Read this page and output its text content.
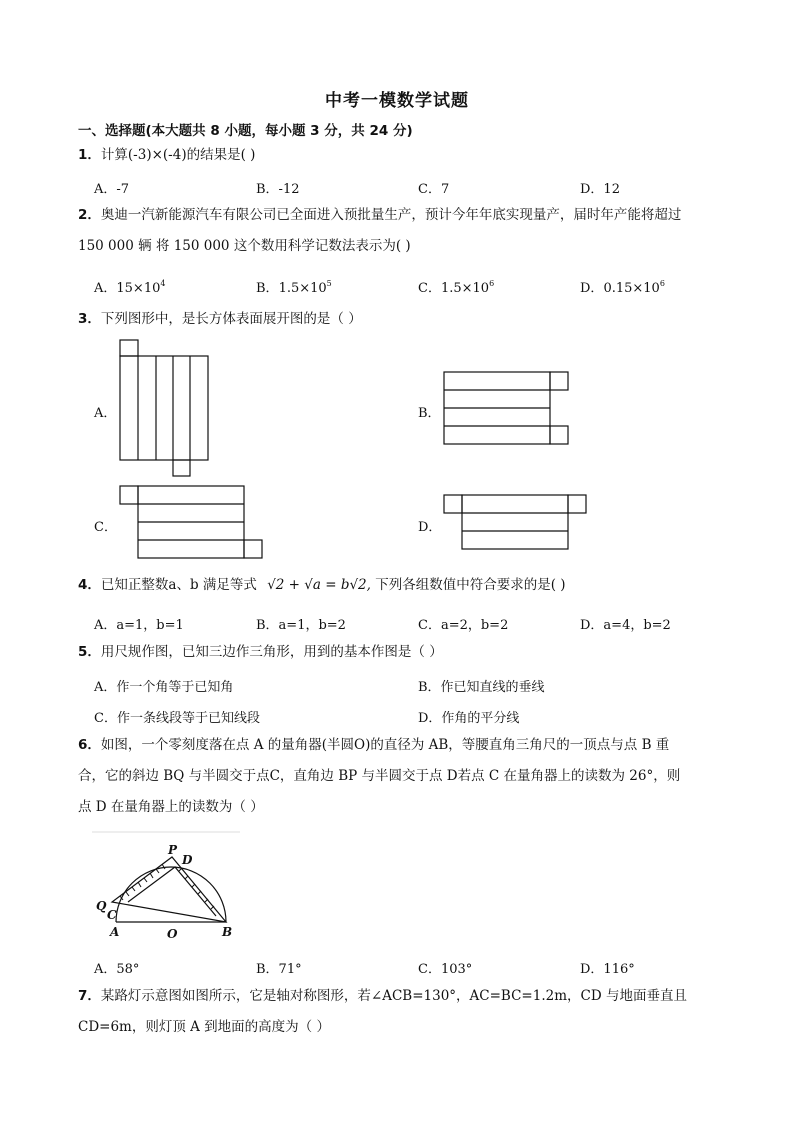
中考一模数学试题
一、选择题(本大题共 8 小题，每小题 3 分，共 24 分)
1．计算(-3)×(-4)的结果是( )
A．-7	B．-12	C．7	D．12
2．奥迪一汽新能源汽车有限公司已全面进入预批量生产，预计今年年底实现量产，届时年产能将超过
150 000 辆 将 150 000 这个数用科学记数法表示为( )
A．$15\times 10^4$	B．$1.5\times 10^5$	C．$1.5\times 10^6$	D．$0.15\times 10^6$
3．下列图形中，是长方体表面展开图的是（ ）
A．	B．
C．	D．
4．已知正整数a、b 满足等式 √2 + √a = b√2, 下列各组数值中符合要求的是( )
A．a=1，b=1	B．a=1，b=2	C．a=2，b=2	D．a=4，b=2
5．用尺规作图，已知三边作三角形，用到的基本作图是（ ）
A．作一个角等于已知角	B．作已知直线的垂线
C．作一条线段等于已知线段	D．作角的平分线
6．如图，一个零刻度落在点 A 的量角器(半圆O)的直径为 AB，等腰直角三角尺的一顶点与点 B 重
合，它的斜边 BQ 与半圆交于点C，直角边 BP 与半圆交于点 D若点 C 在量角器上的读数为 26°，则
点 D 在量角器上的读数为（ ）
P
D
Q
C
A	O	B
A．58°	B．71°	C．103°	D．116°
7．某路灯示意图如图所示，它是轴对称图形，若∠ACB=130°，AC=BC=1.2m，CD 与地面垂直且
CD=6m，则灯顶 A 到地面的高度为（ ）
